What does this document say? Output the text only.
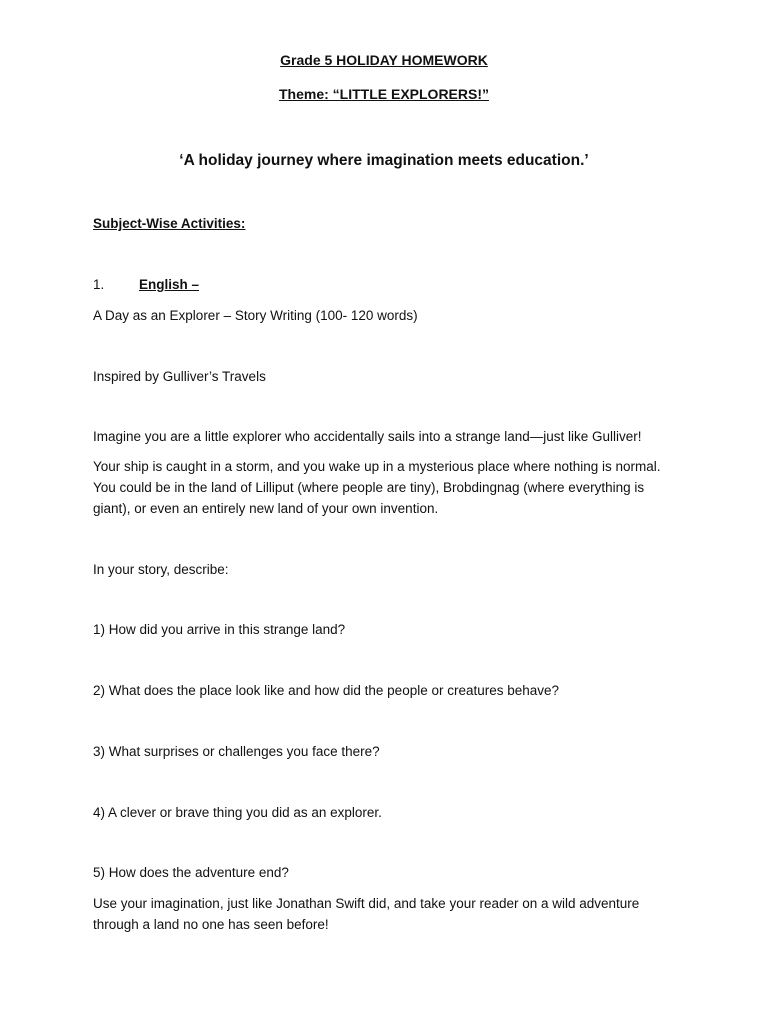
Grade 5 HOLIDAY HOMEWORK
Theme: “LITTLE EXPLORERS!”
‘A holiday journey where imagination meets education.’
Subject-Wise Activities:
1.	English –
A Day as an Explorer – Story Writing (100- 120 words)
Inspired by Gulliver’s Travels
Imagine you are a little explorer who accidentally sails into a strange land—just like Gulliver!
Your ship is caught in a storm, and you wake up in a mysterious place where nothing is normal. You could be in the land of Lilliput (where people are tiny), Brobdingnag (where everything is giant), or even an entirely new land of your own invention.
In your story, describe:
1) How did you arrive in this strange land?
2) What does the place look like and how did the people or creatures behave?
3) What surprises or challenges you face there?
4) A clever or brave thing you did as an explorer.
5) How does the adventure end?
Use your imagination, just like Jonathan Swift did, and take your reader on a wild adventure through a land no one has seen before!
